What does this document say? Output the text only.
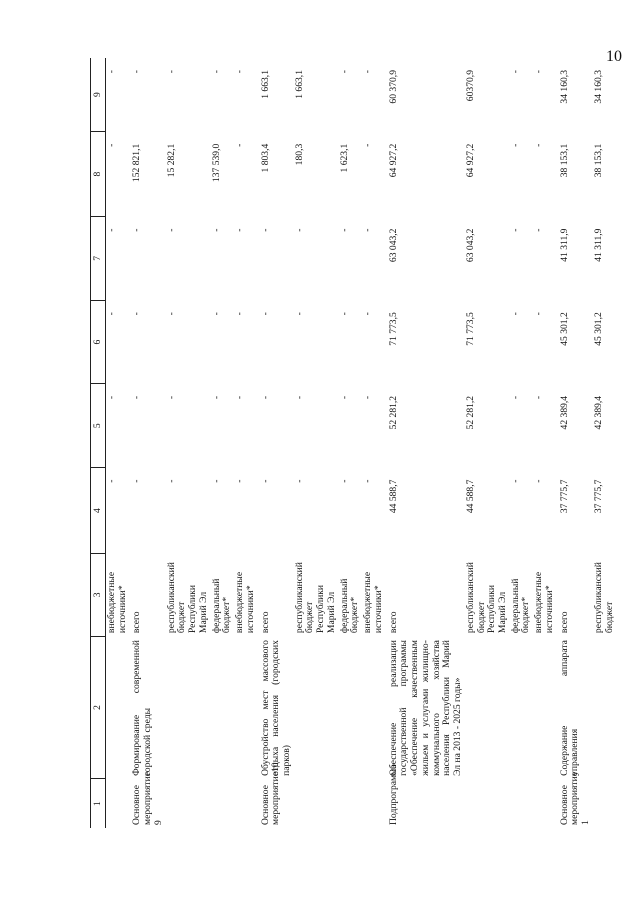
10
1	2	3	4	5	6	7	8	9
		внебюджетные источники*	-	-	-	-	-	-
Основное мероприятие 9	Формирование современной городской среды	всего	-	-	-	-	152 821,1	-
		республиканский бюджет Республики Марий Эл	-	-	-	-	15 282,1	-
		федеральный бюджет*	-	-	-	-	137 539,0	-
		внебюджетные источники*	-	-	-	-	-	-
Основное мероприятие10	Обустройство мест массового отдыха населения (городских парков)	всего	-	-	-	-	1 803,4	1 663,1
		республиканский бюджет Республики Марий Эл	-	-	-	-	180,3	1 663,1
		федеральный бюджет*	-	-	-	-	1 623,1	-
		внебюджетные источники*	-	-	-	-	-	-
Подпрограмма	Обеспечение реализации государственной программы «Обеспечение качественным жильем и услугами жилищно-коммунального хозяйства населения Республики Марий Эл на 2013 - 2025 годы»	всего	44 588,7	52 281,2	71 773,5	63 043,2	64 927,2	60 370,9
		республиканский бюджет Республики Марий Эл	44 588,7	52 281,2	71 773,5	63 043,2	64 927,2	60370,9
		федеральный бюджет*	-	-	-	-	-	-
		внебюджетные источники*	-	-	-	-	-	-
Основное мероприятие 1	Содержание аппарата управления	всего	37 775,7	42 389,4	45 301,2	41 311,9	38 153,1	34 160,3
		республиканский бюджет	37 775,7	42 389,4	45 301,2	41 311,9	38 153,1	34 160,3
